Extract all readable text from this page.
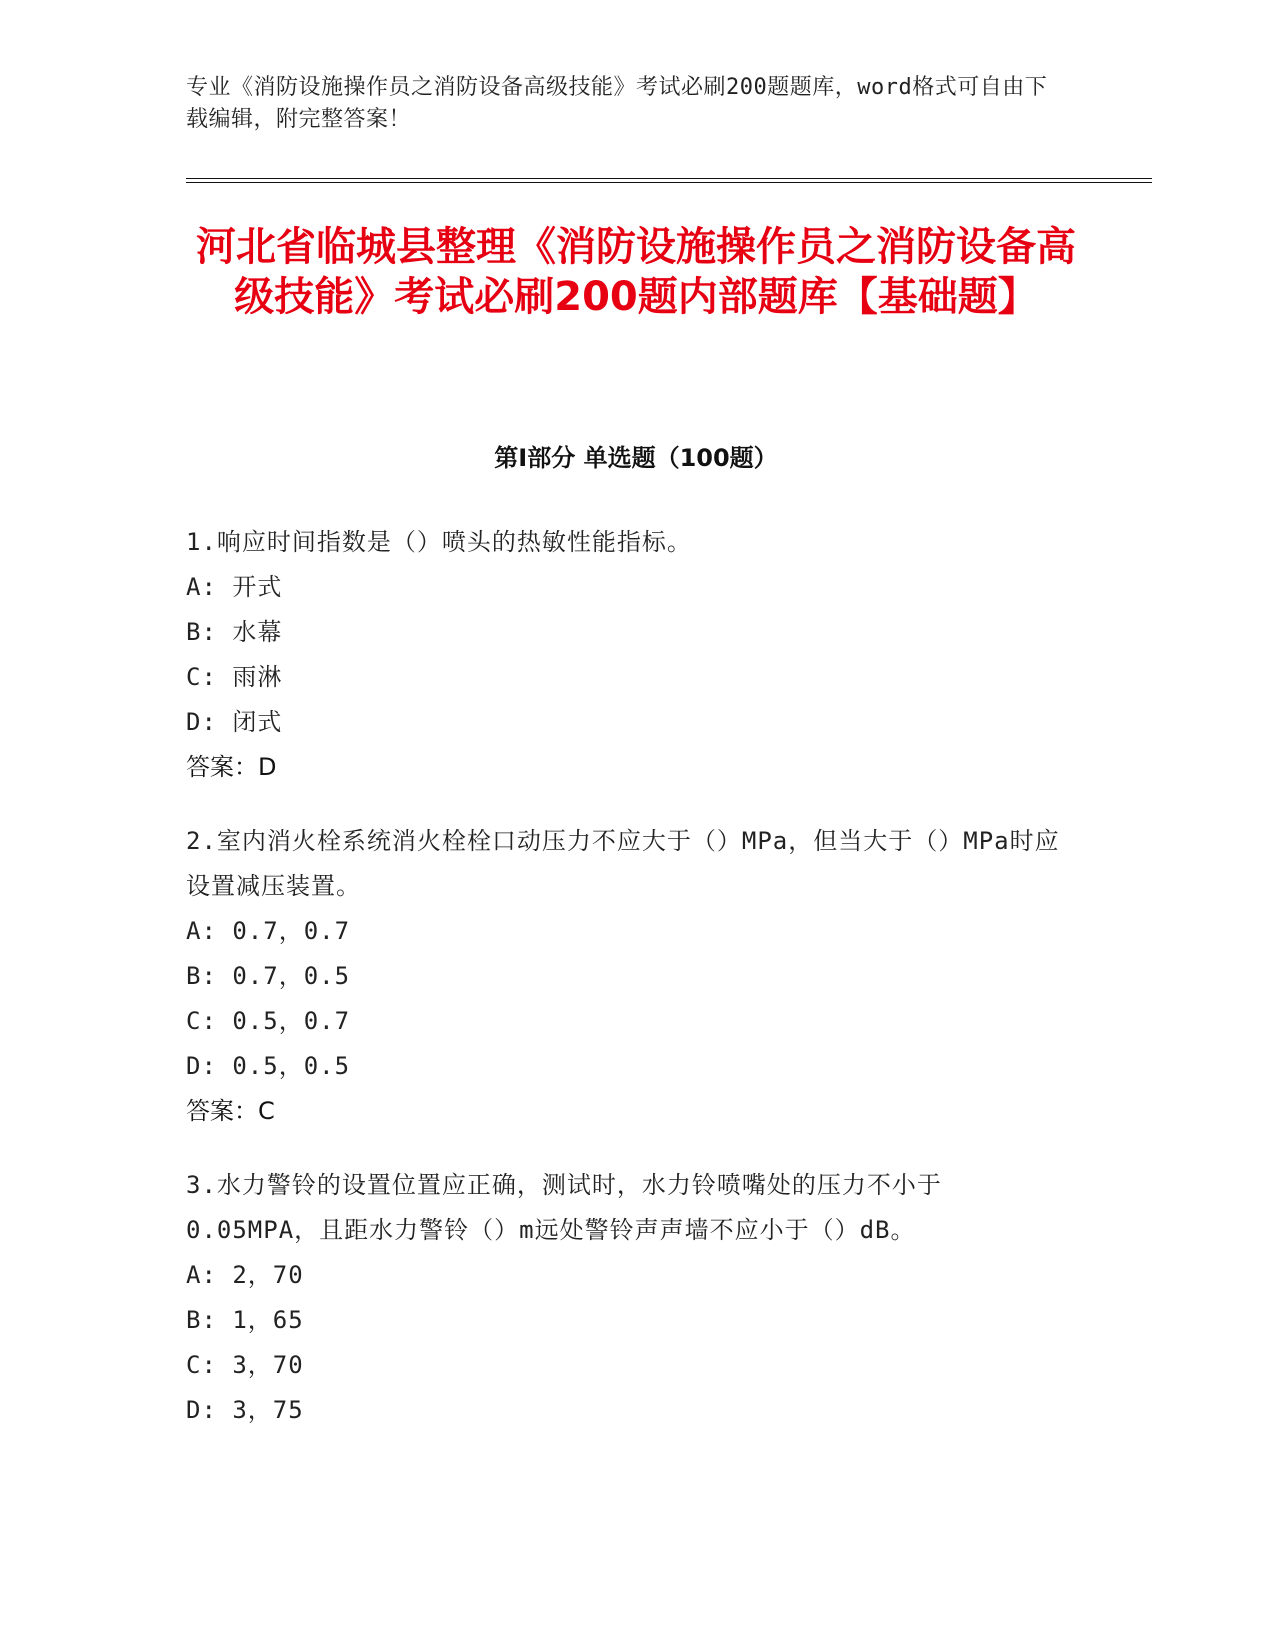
专业《消防设施操作员之消防设备高级技能》考试必刷200题题库，word格式可自由下载编辑，附完整答案！
河北省临城县整理《消防设施操作员之消防设备高级技能》考试必刷200题内部题库【基础题】
第Ⅰ部分 单选题（100题）
1.响应时间指数是（）喷头的热敏性能指标。
A: 开式
B: 水幕
C: 雨淋
D: 闭式
答案：D
2.室内消火栓系统消火栓栓口动压力不应大于（）MPa，但当大于（）MPa时应设置减压装置。
A: 0.7，0.7
B: 0.7，0.5
C: 0.5，0.7
D: 0.5，0.5
答案：C
3.水力警铃的设置位置应正确，测试时，水力铃喷嘴处的压力不小于0.05MPA，且距水力警铃（）m远处警铃声声墙不应小于（）dB。
A: 2，70
B: 1，65
C: 3，70
D: 3，75
